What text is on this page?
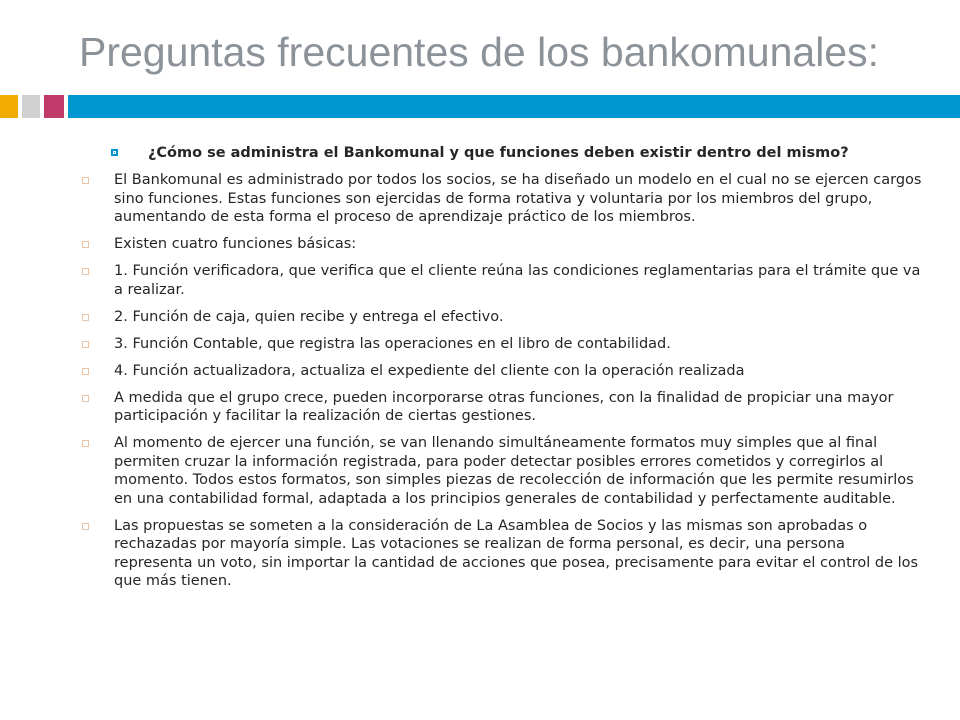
Preguntas frecuentes de los bankomunales:
¿Cómo se administra el Bankomunal y que funciones deben existir dentro del mismo?
El Bankomunal es administrado por todos los socios, se ha diseñado un modelo en el cual no se ejercen cargos sino funciones. Estas funciones son ejercidas de forma rotativa y voluntaria por los miembros del grupo, aumentando de esta forma el proceso de aprendizaje práctico de los miembros.
Existen cuatro funciones básicas:
1. Función verificadora, que verifica que el cliente reúna las condiciones reglamentarias para el trámite que va a realizar.
2. Función de caja, quien recibe y entrega el efectivo.
3. Función Contable, que registra las operaciones en el libro de contabilidad.
4. Función actualizadora, actualiza el expediente del cliente con la operación realizada
A medida que el grupo crece, pueden incorporarse otras funciones, con la finalidad de propiciar una mayor participación y facilitar la realización de ciertas gestiones.
Al momento de ejercer una función, se van llenando simultáneamente formatos muy simples que al final permiten cruzar la información registrada, para poder detectar posibles errores cometidos y corregirlos al momento. Todos estos formatos, son simples piezas de recolección de información que les permite resumirlos en una contabilidad formal, adaptada a los principios generales de contabilidad y perfectamente auditable.
Las propuestas se someten a la consideración de La Asamblea de Socios y las mismas son aprobadas o rechazadas por mayoría simple. Las votaciones se realizan de forma personal, es decir, una persona representa un voto, sin importar la cantidad de acciones que posea, precisamente para evitar el control de los que más tienen.
